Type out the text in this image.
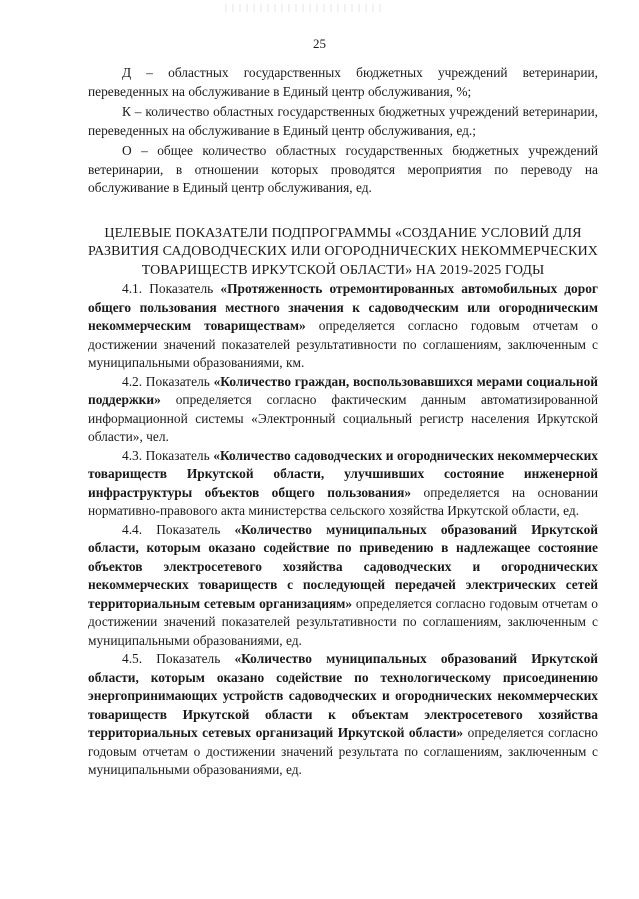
25

Д – областных государственных бюджетных учреждений ветеринарии, переведенных на обслуживание в Единый центр обслуживания, %;

К – количество областных государственных бюджетных учреждений ветеринарии, переведенных на обслуживание в Единый центр обслуживания, ед.;

О – общее количество областных государственных бюджетных учреждений ветеринарии, в отношении которых проводятся мероприятия по переводу на обслуживание в Единый центр обслуживания, ед.

ЦЕЛЕВЫЕ ПОКАЗАТЕЛИ ПОДПРОГРАММЫ «СОЗДАНИЕ УСЛОВИЙ ДЛЯ РАЗВИТИЯ САДОВОДЧЕСКИХ ИЛИ ОГОРОДНИЧЕСКИХ НЕКОММЕРЧЕСКИХ ТОВАРИЩЕСТВ ИРКУТСКОЙ ОБЛАСТИ» НА 2019-2025 ГОДЫ

4.1. Показатель «Протяженность отремонтированных автомобильных дорог общего пользования местного значения к садоводческим или огородническим некоммерческим товариществам» определяется согласно годовым отчетам о достижении значений показателей результативности по соглашениям, заключенным с муниципальными образованиями, км.

4.2. Показатель «Количество граждан, воспользовавшихся мерами социальной поддержки» определяется согласно фактическим данным автоматизированной информационной системы «Электронный социальный регистр населения Иркутской области», чел.

4.3. Показатель «Количество садоводческих и огороднических некоммерческих товариществ Иркутской области, улучшивших состояние инженерной инфраструктуры объектов общего пользования» определяется на основании нормативно-правового акта министерства сельского хозяйства Иркутской области, ед.

4.4. Показатель «Количество муниципальных образований Иркутской области, которым оказано содействие по приведению в надлежащее состояние объектов электросетевого хозяйства садоводческих и огороднических некоммерческих товариществ с последующей передачей электрических сетей территориальным сетевым организациям» определяется согласно годовым отчетам о достижении значений показателей результативности по соглашениям, заключенным с муниципальными образованиями, ед.

4.5. Показатель «Количество муниципальных образований Иркутской области, которым оказано содействие по технологическому присоединению энергопринимающих устройств садоводческих и огороднических некоммерческих товариществ Иркутской области к объектам электросетевого хозяйства территориальных сетевых организаций Иркутской области» определяется согласно годовым отчетам о достижении значений результата по соглашениям, заключенным с муниципальными образованиями, ед.
